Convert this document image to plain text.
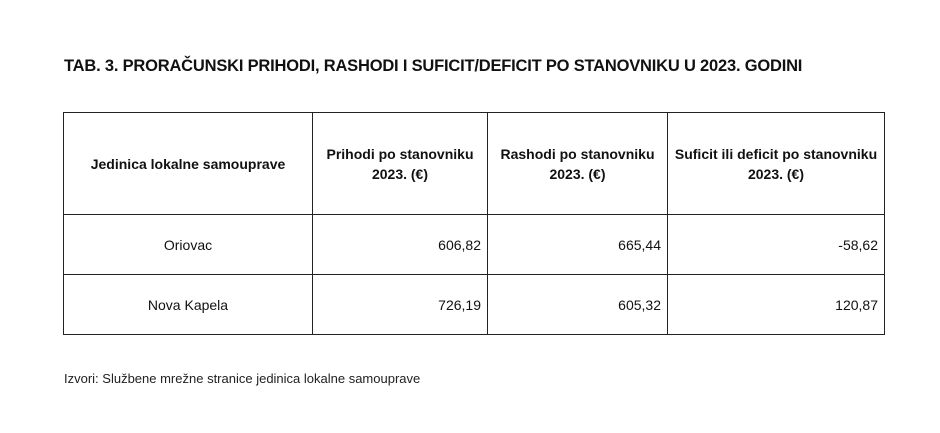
TAB. 3. PRORAČUNSKI PRIHODI, RASHODI I SUFICIT/DEFICIT PO STANOVNIKU U 2023. GODINI
Jedinica lokalne samouprave	Prihodi po stanovniku 2023. (€)	Rashodi po stanovniku 2023. (€)	Suficit ili deficit po stanovniku 2023. (€)
Oriovac	606,82	665,44	-58,62
Nova Kapela	726,19	605,32	120,87
Izvori: Službene mrežne stranice jedinica lokalne samouprave
